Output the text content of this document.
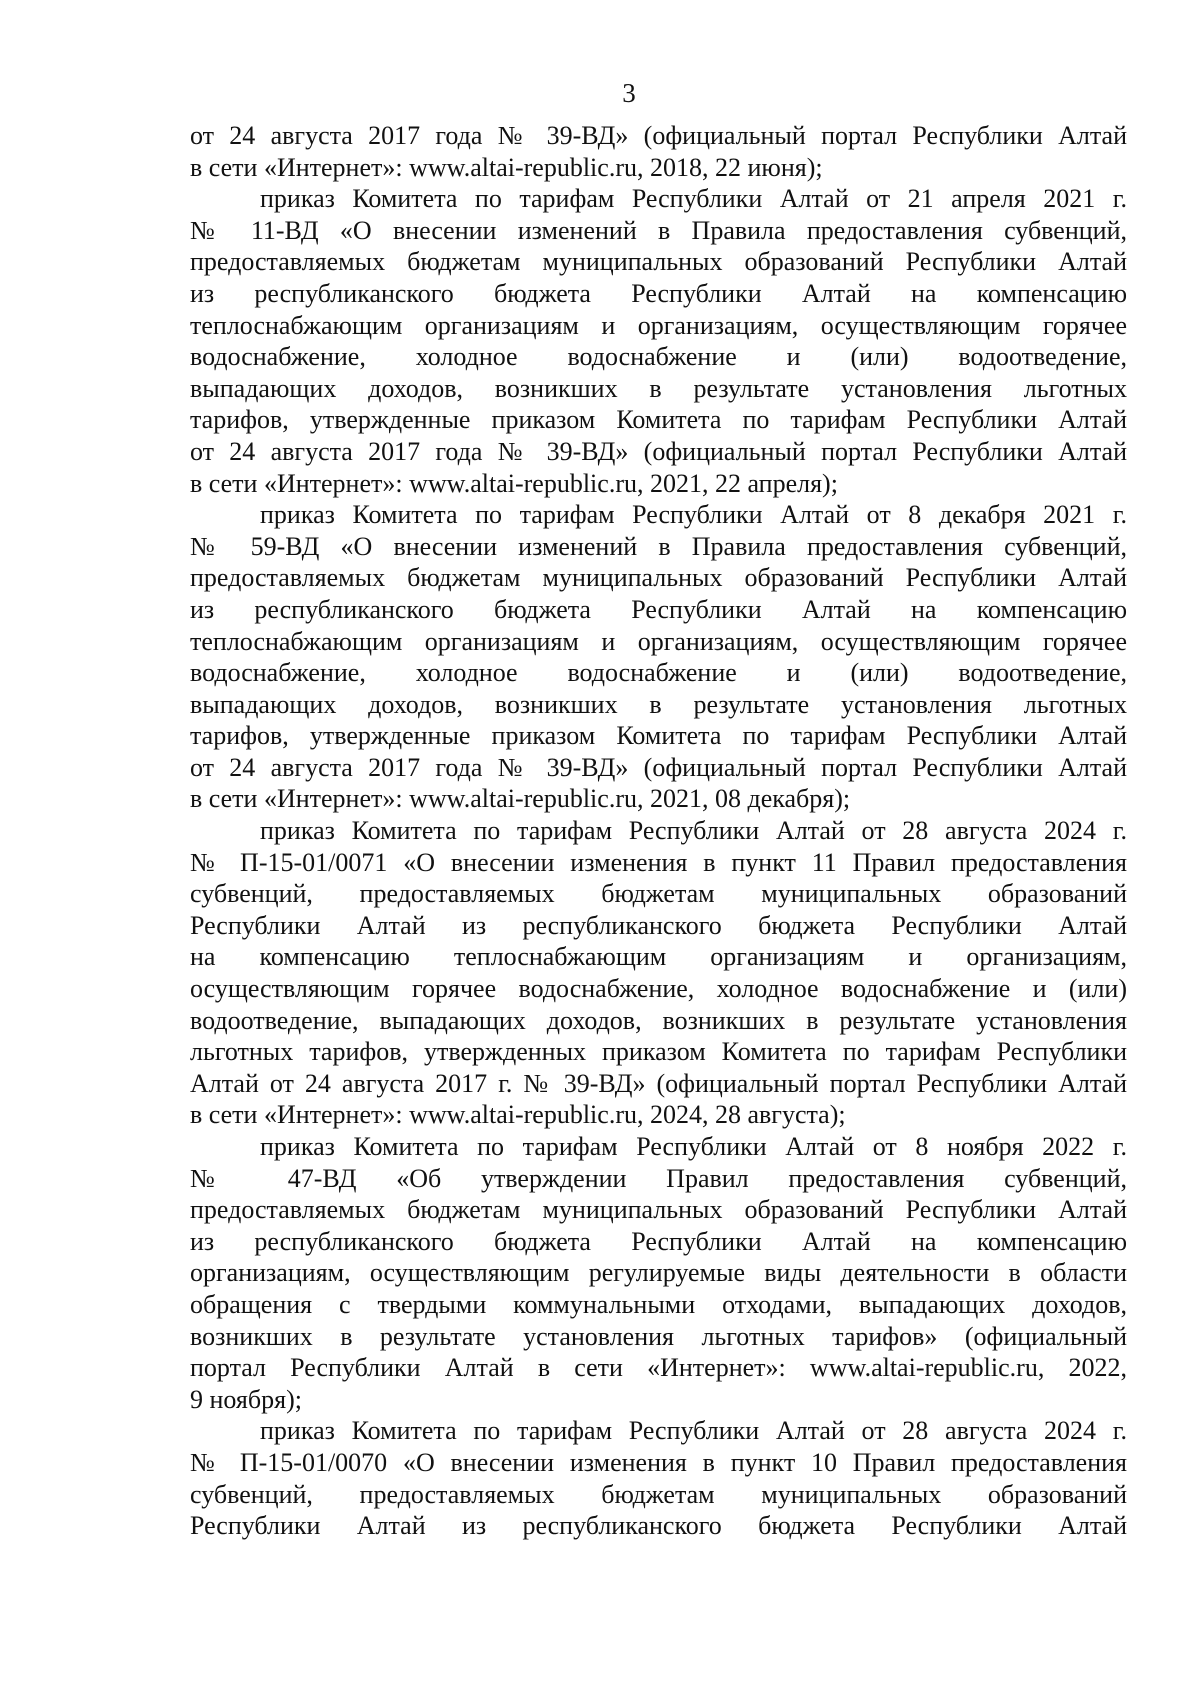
3
от 24 августа 2017 года № 39-ВД» (официальный портал Республики Алтай
в сети «Интернет»: www.altai-republic.ru, 2018, 22 июня);
приказ Комитета по тарифам Республики Алтай от 21 апреля 2021 г.
№ 11-ВД «О внесении изменений в Правила предоставления субвенций,
предоставляемых бюджетам муниципальных образований Республики Алтай
из республиканского бюджета Республики Алтай на компенсацию
теплоснабжающим организациям и организациям, осуществляющим горячее
водоснабжение, холодное водоснабжение и (или) водоотведение,
выпадающих доходов, возникших в результате установления льготных
тарифов, утвержденные приказом Комитета по тарифам Республики Алтай
от 24 августа 2017 года № 39-ВД» (официальный портал Республики Алтай
в сети «Интернет»: www.altai-republic.ru, 2021, 22 апреля);
приказ Комитета по тарифам Республики Алтай от 8 декабря 2021 г.
№ 59-ВД «О внесении изменений в Правила предоставления субвенций,
предоставляемых бюджетам муниципальных образований Республики Алтай
из республиканского бюджета Республики Алтай на компенсацию
теплоснабжающим организациям и организациям, осуществляющим горячее
водоснабжение, холодное водоснабжение и (или) водоотведение,
выпадающих доходов, возникших в результате установления льготных
тарифов, утвержденные приказом Комитета по тарифам Республики Алтай
от 24 августа 2017 года № 39-ВД» (официальный портал Республики Алтай
в сети «Интернет»: www.altai-republic.ru, 2021, 08 декабря);
приказ Комитета по тарифам Республики Алтай от 28 августа 2024 г.
№ П-15-01/0071 «О внесении изменения в пункт 11 Правил предоставления
субвенций, предоставляемых бюджетам муниципальных образований
Республики Алтай из республиканского бюджета Республики Алтай
на компенсацию теплоснабжающим организациям и организациям,
осуществляющим горячее водоснабжение, холодное водоснабжение и (или)
водоотведение, выпадающих доходов, возникших в результате установления
льготных тарифов, утвержденных приказом Комитета по тарифам Республики
Алтай от 24 августа 2017 г. № 39-ВД» (официальный портал Республики Алтай
в сети «Интернет»: www.altai-republic.ru, 2024, 28 августа);
приказ Комитета по тарифам Республики Алтай от 8 ноября 2022 г.
№ 47-ВД «Об утверждении Правил предоставления субвенций,
предоставляемых бюджетам муниципальных образований Республики Алтай
из республиканского бюджета Республики Алтай на компенсацию
организациям, осуществляющим регулируемые виды деятельности в области
обращения с твердыми коммунальными отходами, выпадающих доходов,
возникших в результате установления льготных тарифов» (официальный
портал Республики Алтай в сети «Интернет»: www.altai-republic.ru, 2022,
9 ноября);
приказ Комитета по тарифам Республики Алтай от 28 августа 2024 г.
№ П-15-01/0070 «О внесении изменения в пункт 10 Правил предоставления
субвенций, предоставляемых бюджетам муниципальных образований
Республики Алтай из республиканского бюджета Республики Алтай
